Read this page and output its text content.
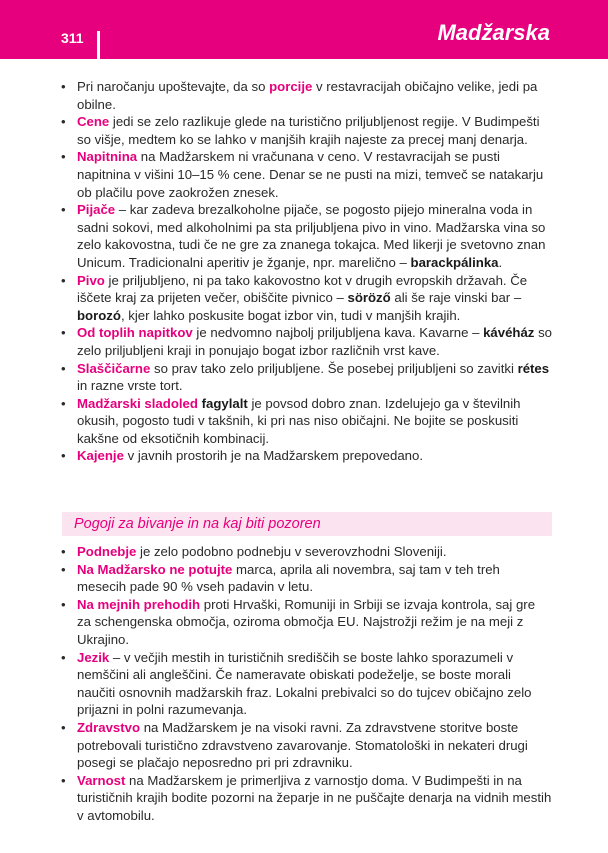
311	Madžarska
• Pri naročanju upoštevajte, da so porcije v restavracijah običajno velike, jedi pa obilne.
• Cene jedi se zelo razlikuje glede na turistično priljubljenost regije. V Budimpešti so višje, medtem ko se lahko v manjših krajih najeste za precej manj denarja.
• Napitnina na Madžarskem ni vračunana v ceno. V restavracijah se pusti napitnina v višini 10–15 % cene. Denar se ne pusti na mizi, temveč se natakarju ob plačilu pove zaokrožen znesek.
• Pijače – kar zadeva brezalkoholne pijače, se pogosto pijejo mineralna voda in sadni sokovi, med alkoholnimi pa sta priljubljena pivo in vino. Madžarska vina so zelo kakovostna, tudi če ne gre za znanega tokajca. Med likerji je svetovno znan Unicum. Tradicionalni aperitiv je žganje, npr. marelično – barackpálinka.
• Pivo je priljubljeno, ni pa tako kakovostno kot v drugih evropskih državah. Če iščete kraj za prijeten večer, obiščite pivnico – söröző ali še raje vinski bar – borozó, kjer lahko poskusite bogat izbor vin, tudi v manjših krajih.
• Od toplih napitkov je nedvomno najbolj priljubljena kava. Kavarne – kávéház so zelo priljubljeni kraji in ponujajo bogat izbor različnih vrst kave.
• Slaščičarne so prav tako zelo priljubljene. Še posebej priljubljeni so zavitki rétes in razne vrste tort.
• Madžarski sladoled fagylalt je povsod dobro znan. Izdelujejo ga v številnih okusih, pogosto tudi v takšnih, ki pri nas niso običajni. Ne bojite se poskusiti kakšne od eksotičnih kombinacij.
• Kajenje v javnih prostorih je na Madžarskem prepovedano.
Pogoji za bivanje in na kaj biti pozoren
• Podnebje je zelo podobno podnebju v severovzhodni Sloveniji.
• Na Madžarsko ne potujte marca, aprila ali novembra, saj tam v teh treh mesecih pade 90 % vseh padavin v letu.
• Na mejnih prehodih proti Hrvaški, Romuniji in Srbiji se izvaja kontrola, saj gre za schengenska območja, oziroma območja EU. Najstrožji režim je na meji z Ukrajino.
• Jezik – v večjih mestih in turističnih središčih se boste lahko sporazumeli v nemščini ali angleščini. Če nameravate obiskati podeželje, se boste morali naučiti osnovnih madžarskih fraz. Lokalni prebivalci so do tujcev običajno zelo prijazni in polni razumevanja.
• Zdravstvo na Madžarskem je na visoki ravni. Za zdravstvene storitve boste potrebovali turistično zdravstveno zavarovanje. Stomatološki in nekateri drugi posegi se plačajo neposredno pri pri zdravniku.
• Varnost na Madžarskem je primerljiva z varnostjo doma. V Budimpešti in na turističnih krajih bodite pozorni na žeparje in ne puščajte denarja na vidnih mestih v avtomobilu.
